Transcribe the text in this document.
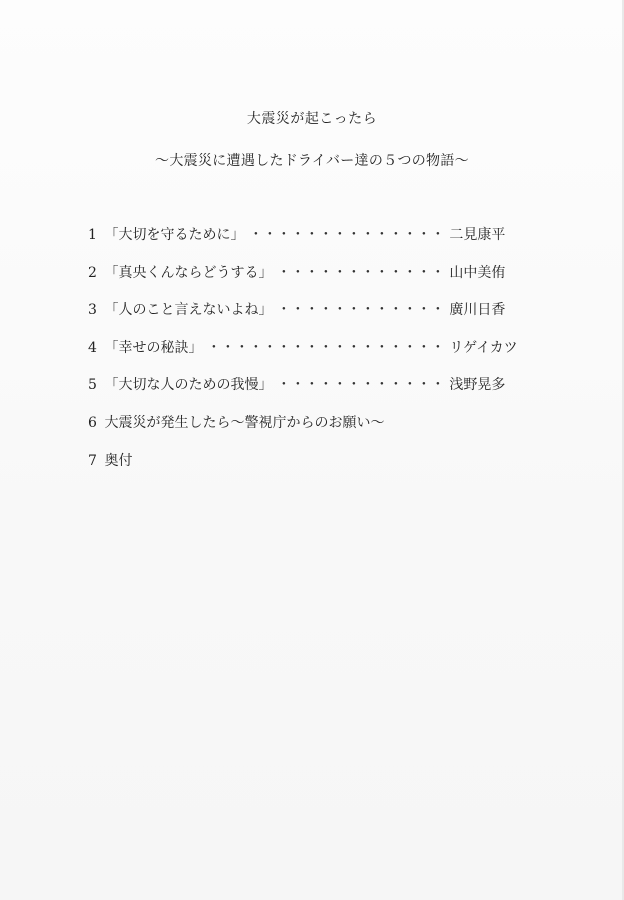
大震災が起こったら
～大震災に遭遇したドライバー達の５つの物語～
1 「大切を守るために」 ・・・・・・・・・・・・・・ 二見康平
2 「真央くんならどうする」 ・・・・・・・・・・・・ 山中美侑
3 「人のこと言えないよね」 ・・・・・・・・・・・・ 廣川日香
4 「幸せの秘訣」 ・・・・・・・・・・・・・・・・・ リゲイカツ
5 「大切な人のための我慢」 ・・・・・・・・・・・・ 浅野晃多
6 大震災が発生したら～警視庁からのお願い～
7 奥付
